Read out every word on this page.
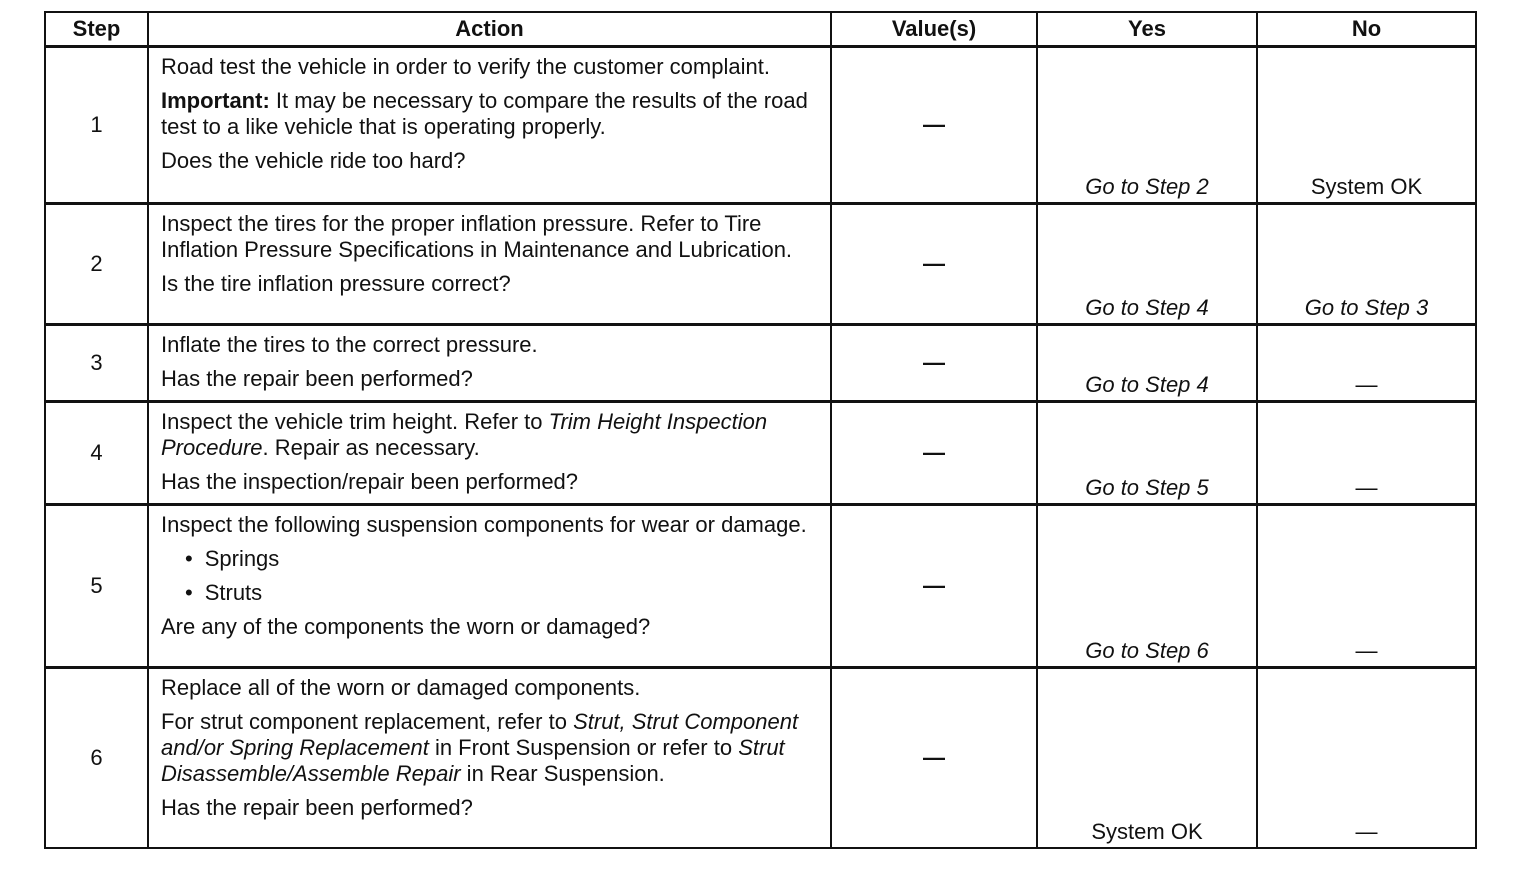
Step	Action	Value(s)	Yes	No
1	Road test the vehicle in order to verify the customer complaint.
Important: It may be necessary to compare the results of the road test to a like vehicle that is operating properly.
Does the vehicle ride too hard?	—	Go to Step 2	System OK
2	Inspect the tires for the proper inflation pressure. Refer to Tire Inflation Pressure Specifications in Maintenance and Lubrication.
Is the tire inflation pressure correct?	—	Go to Step 4	Go to Step 3
3	Inflate the tires to the correct pressure.
Has the repair been performed?	—	Go to Step 4	—
4	Inspect the vehicle trim height. Refer to Trim Height Inspection Procedure. Repair as necessary.
Has the inspection/repair been performed?	—	Go to Step 5	—
5	Inspect the following suspension components for wear or damage.
• Springs
• Struts
Are any of the components the worn or damaged?	—	Go to Step 6	—
6	Replace all of the worn or damaged components.
For strut component replacement, refer to Strut, Strut Component and/or Spring Replacement in Front Suspension or refer to Strut Disassemble/Assemble Repair in Rear Suspension.
Has the repair been performed?	—	System OK	—
